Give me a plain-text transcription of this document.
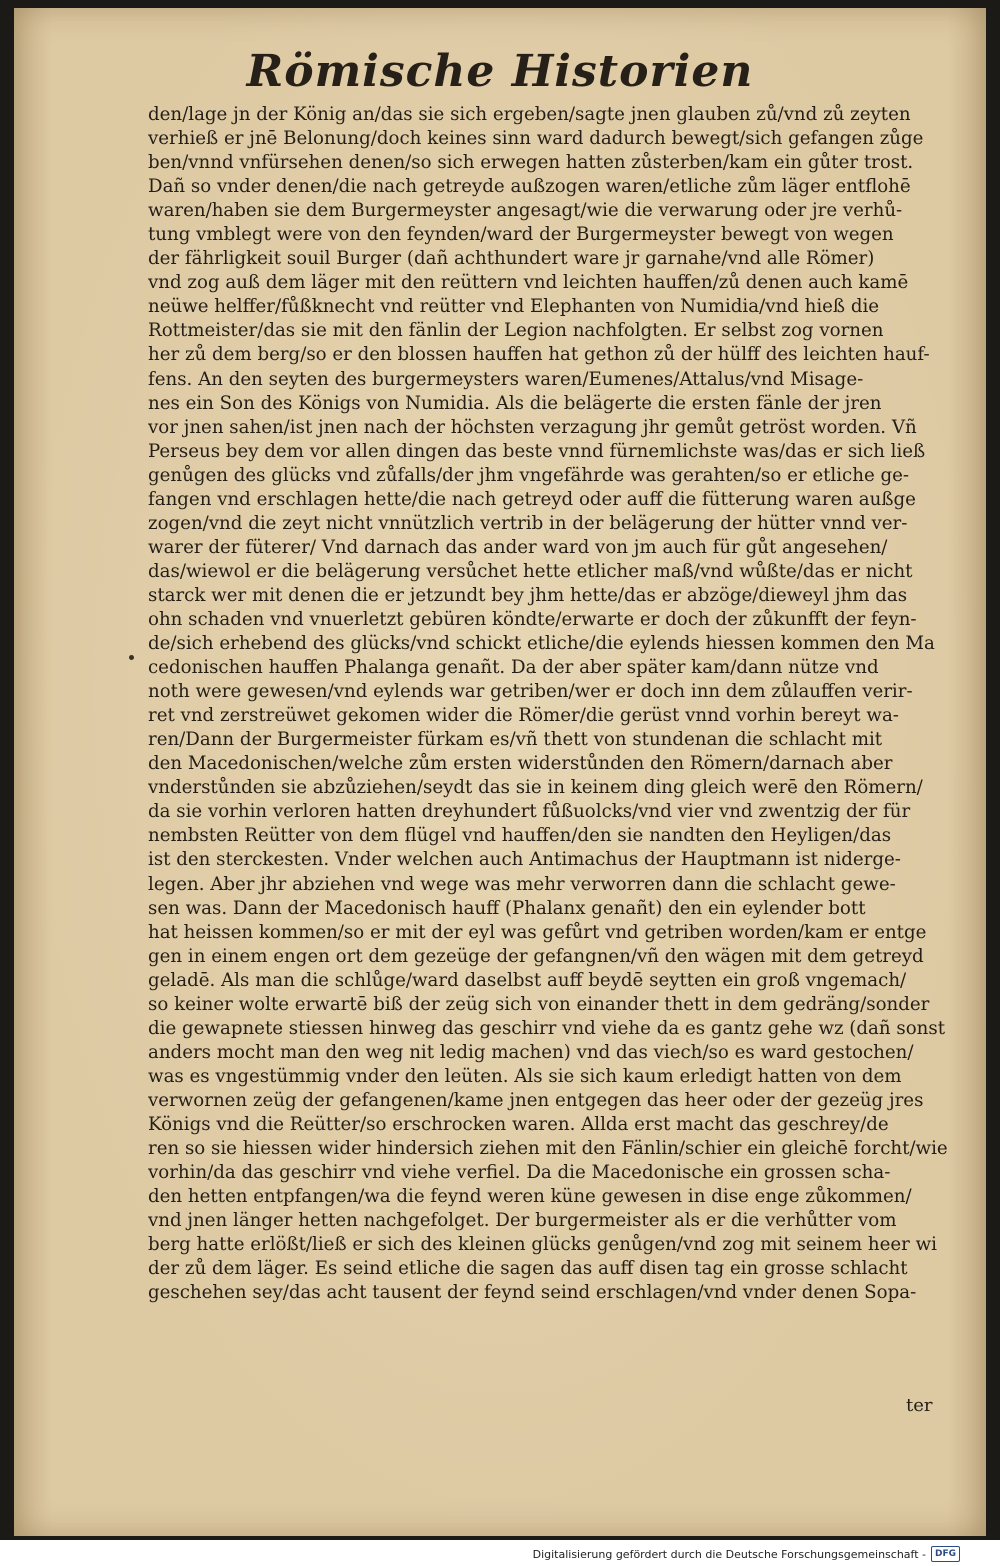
Römische Historien
den/lage jn der König an/das sie sich ergeben/sagte jnen glauben zů/vnd zů zeyten
verhieß er jnē Belonung/doch keines sinn ward dadurch bewegt/sich gefangen zůge
ben/vnnd vnfürsehen denen/so sich erwegen hatten zůsterben/kam ein gůter trost.
Dañ so vnder denen/die nach getreyde außzogen waren/etliche zům läger entflohē
waren/haben sie dem Burgermeyster angesagt/wie die verwarung oder jre verhů-
tung vmblegt were von den feynden/ward der Burgermeyster bewegt von wegen
der fährligkeit souil Burger (dañ achthundert ware jr garnahe/vnd alle Römer)
vnd zog auß dem läger mit den reüttern vnd leichten hauffen/zů denen auch kamē
neüwe helffer/fůßknecht vnd reütter vnd Elephanten von Numidia/vnd hieß die
Rottmeister/das sie mit den fänlin der Legion nachfolgten. Er selbst zog vornen
her zů dem berg/so er den blossen hauffen hat gethon zů der hülff des leichten hauf-
fens. An den seyten des burgermeysters waren/Eumenes/Attalus/vnd Misage-
nes ein Son des Königs von Numidia. Als die belägerte die ersten fänle der jren
vor jnen sahen/ist jnen nach der höchsten verzagung jhr gemůt getröst worden. Vñ
Perseus bey dem vor allen dingen das beste vnnd fürnemlichste was/das er sich ließ
genůgen des glücks vnd zůfalls/der jhm vngefährde was gerahten/so er etliche ge-
fangen vnd erschlagen hette/die nach getreyd oder auff die fütterung waren außge
zogen/vnd die zeyt nicht vnnützlich vertrib in der belägerung der hütter vnnd ver-
warer der füterer/ Vnd darnach das ander ward von jm auch für gůt angesehen/
das/wiewol er die belägerung versůchet hette etlicher maß/vnd wůßte/das er nicht
starck wer mit denen die er jetzundt bey jhm hette/das er abzöge/dieweyl jhm das
ohn schaden vnd vnuerletzt gebüren köndte/erwarte er doch der zůkunfft der feyn-
de/sich erhebend des glücks/vnd schickt etliche/die eylends hiessen kommen den Ma
cedonischen hauffen Phalanga genañt. Da der aber später kam/dann nütze vnd
noth were gewesen/vnd eylends war getriben/wer er doch inn dem zůlauffen verir-
ret vnd zerstreüwet gekomen wider die Römer/die gerüst vnnd vorhin bereyt wa-
ren/Dann der Burgermeister fürkam es/vñ thett von stundenan die schlacht mit
den Macedonischen/welche zům ersten widerstůnden den Römern/darnach aber
vnderstůnden sie abzůziehen/seydt das sie in keinem ding gleich werē den Römern/
da sie vorhin verloren hatten dreyhundert fůßuolcks/vnd vier vnd zwentzig der für
nembsten Reütter von dem flügel vnd hauffen/den sie nandten den Heyligen/das
ist den sterckesten. Vnder welchen auch Antimachus der Hauptmann ist niderge-
legen. Aber jhr abziehen vnd wege was mehr verworren dann die schlacht gewe-
sen was. Dann der Macedonisch hauff (Phalanx genañt) den ein eylender bott
hat heissen kommen/so er mit der eyl was gefůrt vnd getriben worden/kam er entge
gen in einem engen ort dem gezeüge der gefangnen/vñ den wägen mit dem getreyd
geladē. Als man die schlůge/ward daselbst auff beydē seytten ein groß vngemach/
so keiner wolte erwartē biß der zeüg sich von einander thett in dem gedräng/sonder
die gewapnete stiessen hinweg das geschirr vnd viehe da es gantz gehe wz (dañ sonst
anders mocht man den weg nit ledig machen) vnd das viech/so es ward gestochen/
was es vngestümmig vnder den leüten. Als sie sich kaum erledigt hatten von dem
verwornen zeüg der gefangenen/kame jnen entgegen das heer oder der gezeüg jres
Königs vnd die Reütter/so erschrocken waren. Allda erst macht das geschrey/de
ren so sie hiessen wider hindersich ziehen mit den Fänlin/schier ein gleichē forcht/wie
vorhin/da das geschirr vnd viehe verfiel. Da die Macedonische ein grossen scha-
den hetten entpfangen/wa die feynd weren küne gewesen in dise enge zůkommen/
vnd jnen länger hetten nachgefolget. Der burgermeister als er die verhůtter vom
berg hatte erlößt/ließ er sich des kleinen glücks genůgen/vnd zog mit seinem heer wi
der zů dem läger. Es seind etliche die sagen das auff disen tag ein grosse schlacht
geschehen sey/das acht tausent der feynd seind erschlagen/vnd vnder denen Sopa-
ter
Digitalisierung gefördert durch die Deutsche Forschungsgemeinschaft -	DFG
